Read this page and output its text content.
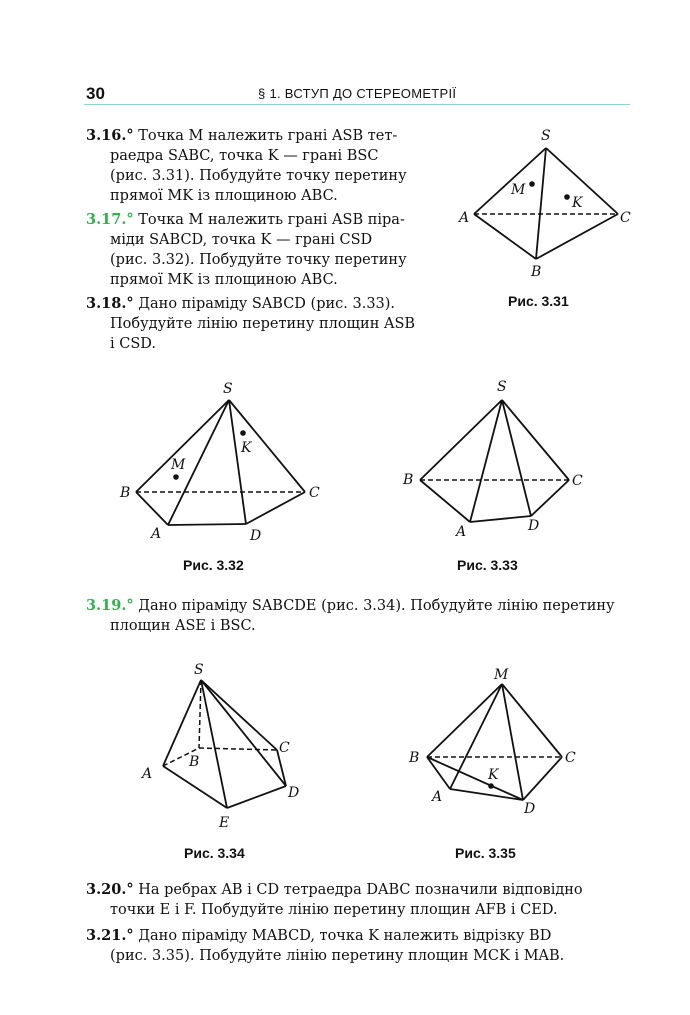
30	§ 1. ВСТУП ДО СТЕРЕОМЕТРІЇ
3.16.° Точка M належить грані ASB тет-
раедра SABC, точка K — грані BSC
(рис. 3.31). Побудуйте точку перетину
прямої MK із площиною ABC.
3.17.° Точка M належить грані ASB піра-
міди SABCD, точка K — грані CSD
(рис. 3.32). Побудуйте точку перетину
прямої MK із площиною ABC.
3.18.° Дано піраміду SABCD (рис. 3.33).
Побудуйте лінію перетину площин ASB
і CSD.
S
A
B
C
M
K
Рис. 3.31
S
B
A	D
C
M
K
Рис. 3.32
S
B
A	D
C
Рис. 3.33
3.19.° Дано піраміду SABCDE (рис. 3.34). Побудуйте лінію перетину
площин ASE і BSC.
S
A
B
C
D
E
Рис. 3.34
M
B
A
D
C
K
Рис. 3.35
3.20.° На ребрах AB і CD тетраедра DABC позначили відповідно
точки E і F. Побудуйте лінію перетину площин AFB і CED.
3.21.° Дано піраміду MABCD, точка K належить відрізку BD
(рис. 3.35). Побудуйте лінію перетину площин MCK і MAB.
